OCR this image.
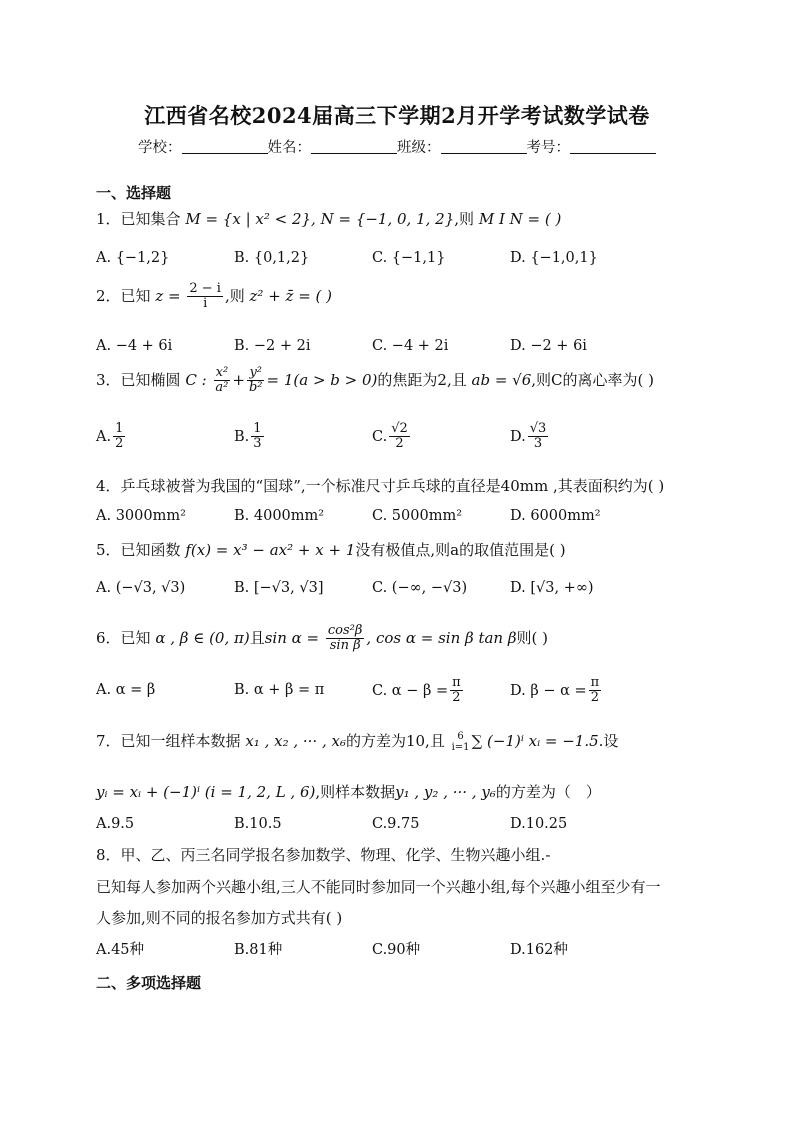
江西省名校2024届高三下学期2月开学考试数学试卷
学校：	姓名：	班级：	考号：
一、选择题
1．已知集合 M = {x | x² < 2}, N = {−1, 0, 1, 2},则 M I N = ( )
A. {−1,2}	B. {0,1,2}	C. {−1,1}	D. {−1,0,1}
2．已知 $z = \frac{2 - i}{i}$ ,则 z² + z̄ = ( )
A. −4 + 6i	B. −2 + 2i	C. −4 + 2i	D. −2 + 6i
3．已知椭圆 C : $\frac{\text{x²}}{\text{a²}} + \frac{\text{y²}}{\text{b²}} = 1(a > b > 0)$的焦距为2,且 ab = √6,则C的离心率为( )
A. $\frac{1}{2}$	B. $\frac{1}{3}$	C. $\frac{√2}{2}$	D. $\frac{√3}{3}$
4．乒乓球被誉为我国的“国球”,一个标准尺寸乒乓球的直径是40mm ,其表面积约为( )
A. 3000mm²	B. 4000mm²	C. 5000mm²	D. 6000mm²
5．已知函数 f(x) = x³ − ax² + x + 1没有极值点,则a的取值范围是( )
A. (−√3, √3)	B. [−√3, √3]	C. (−∞, −√3)	D. [√3, +∞)
6．已知 α , β ∈ (0, π)且$\sin \alpha = \frac{\text{cos²β}}{\text{sin β}}$ , cos α = sin β tan β则( )
A. α = β	B. α + β = π	C. $\alpha - \beta = \frac{\pi}{2}$	D. $\beta - \alpha = \frac{\pi}{2}$
7．已知一组样本数据 x₁ , x₂ , ··· , x₆的方差为10,且 6
i=1 ∑ (−1)ⁱ xᵢ = −1.5.设
yᵢ = xᵢ + (−1)ⁱ (i = 1, 2, L , 6),则样本数据y₁ , y₂ , ··· , y₆的方差为（　）
A.9.5	B.10.5	C.9.75	D.10.25
8．甲、乙、丙三名同学报名参加数学、物理、化学、生物兴趣小组.-
已知每人参加两个兴趣小组,三人不能同时参加同一个兴趣小组,每个兴趣小组至少有一
人参加,则不同的报名参加方式共有( )
A.45种	B.81种	C.90种	D.162种
二、多项选择题
